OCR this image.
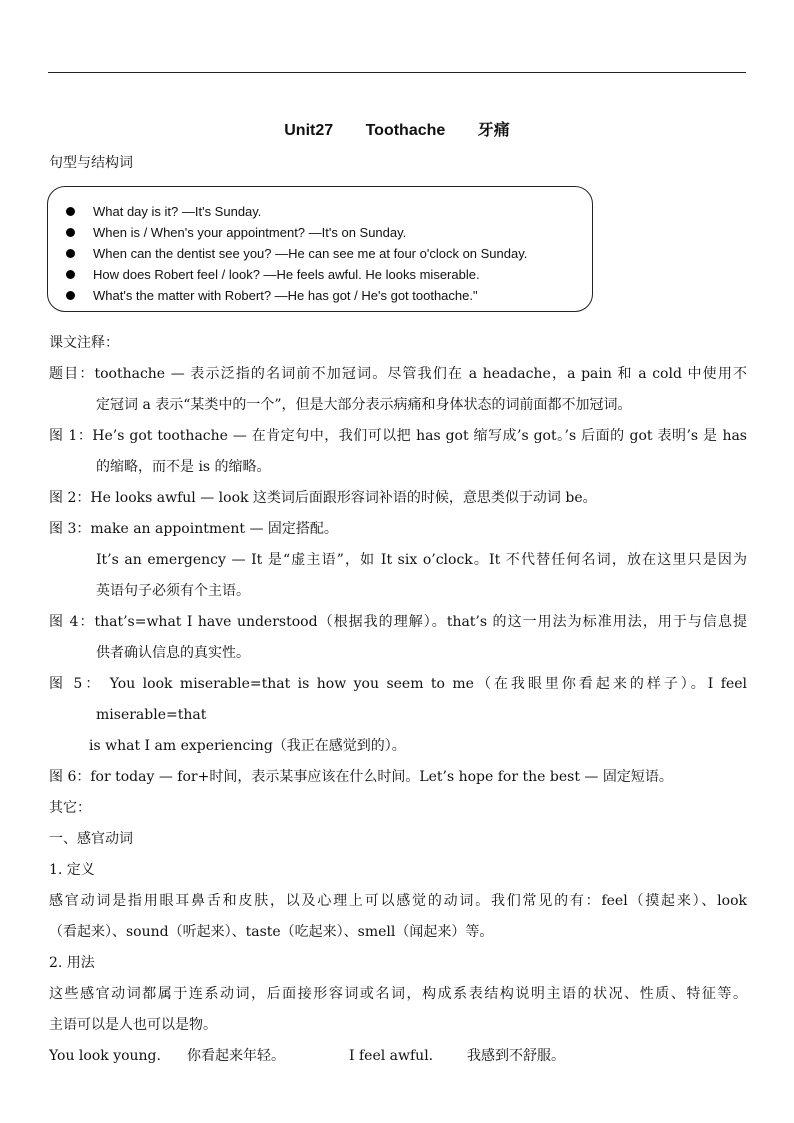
Unit27 Toothache 牙痛
句型与结构词
What day is it? —It's Sunday.
When is / When's your appointment? —It's on Sunday.
When can the dentist see you? —He can see me at four o'clock on Sunday.
How does Robert feel / look? —He feels awful. He looks miserable.
What's the matter with Robert? —He has got / He's got toothache."
课文注释：
题目：toothache — 表示泛指的名词前不加冠词。尽管我们在 a headache，a pain 和 a cold 中使用不
定冠词 a 表示“某类中的一个”，但是大部分表示病痛和身体状态的词前面都不加冠词。
图 1：He’s got toothache — 在肯定句中，我们可以把 has got 缩写成’s got。’s 后面的 got 表明’s 是 has
的缩略，而不是 is 的缩略。
图 2：He looks awful — look 这类词后面跟形容词补语的时候，意思类似于动词 be。
图 3：make an appointment — 固定搭配。
It’s an emergency — It 是“虚主语”，如 It six o’clock。It 不代替任何名词，放在这里只是因为
英语句子必须有个主语。
图 4：that’s=what I have understood（根据我的理解）。that’s 的这一用法为标准用法，用于与信息提
供者确认信息的真实性。
图 5： You look miserable=that is how you seem to me（在我眼里你看起来的样子）。I feel
miserable=that
is what I am experiencing（我正在感觉到的）。
图 6：for today — for+时间，表示某事应该在什么时间。Let’s hope for the best — 固定短语。
其它：
一、感官动词
1. 定义
感官动词是指用眼耳鼻舌和皮肤，以及心理上可以感觉的动词。我们常见的有：feel（摸起来）、look
（看起来）、sound（听起来）、taste（吃起来）、smell（闻起来）等。
2. 用法
这些感官动词都属于连系动词，后面接形容词或名词，构成系表结构说明主语的状况、性质、特征等。
主语可以是人也可以是物。
You look young. 你看起来年轻。	I feel awful. 我感到不舒服。
